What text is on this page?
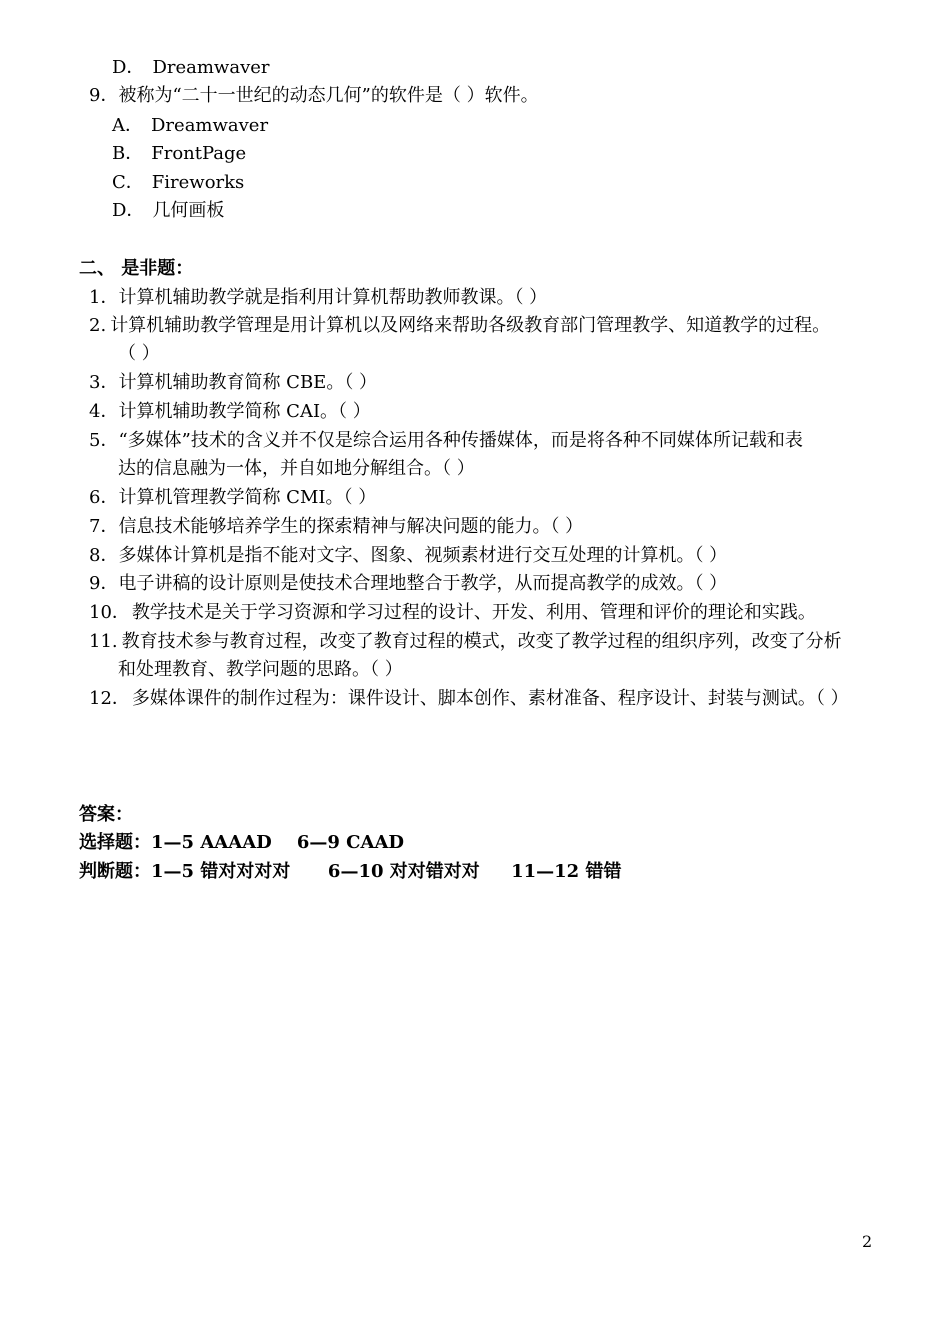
D． Dreamwaver
9．被称为“二十一世纪的动态几何”的软件是（ ）软件。
A． Dreamwaver
B． FrontPage
C． Fireworks
D． 几何画板
二、 是非题：
1．计算机辅助教学就是指利用计算机帮助教师教课。（ ）
2. 计算机辅助教学管理是用计算机以及网络来帮助各级教育部门管理教学、知道教学的过程。
（ ）
3．计算机辅助教育简称 CBE。（ ）
4．计算机辅助教学简称 CAI。（ ）
5．“多媒体”技术的含义并不仅是综合运用各种传播媒体，而是将各种不同媒体所记载和表
达的信息融为一体，并自如地分解组合。（ ）
6．计算机管理教学简称 CMI。（ ）
7．信息技术能够培养学生的探索精神与解决问题的能力。（ ）
8．多媒体计算机是指不能对文字、图象、视频素材进行交互处理的计算机。（ ）
9．电子讲稿的设计原则是使技术合理地整合于教学，从而提高教学的成效。（ ）
10． 教学技术是关于学习资源和学习过程的设计、开发、利用、管理和评价的理论和实践。
11. 教育技术参与教育过程，改变了教育过程的模式，改变了教学过程的组织序列，改变了分析
和处理教育、教学问题的思路。（ ）
12． 多媒体课件的制作过程为：课件设计、脚本创作、素材准备、程序设计、封装与测试。（ ）
答案：
选择题：1—5 AAAAD    6—9 CAAD
判断题：1—5 错对对对对      6—10 对对错对对     11—12 错错
2
